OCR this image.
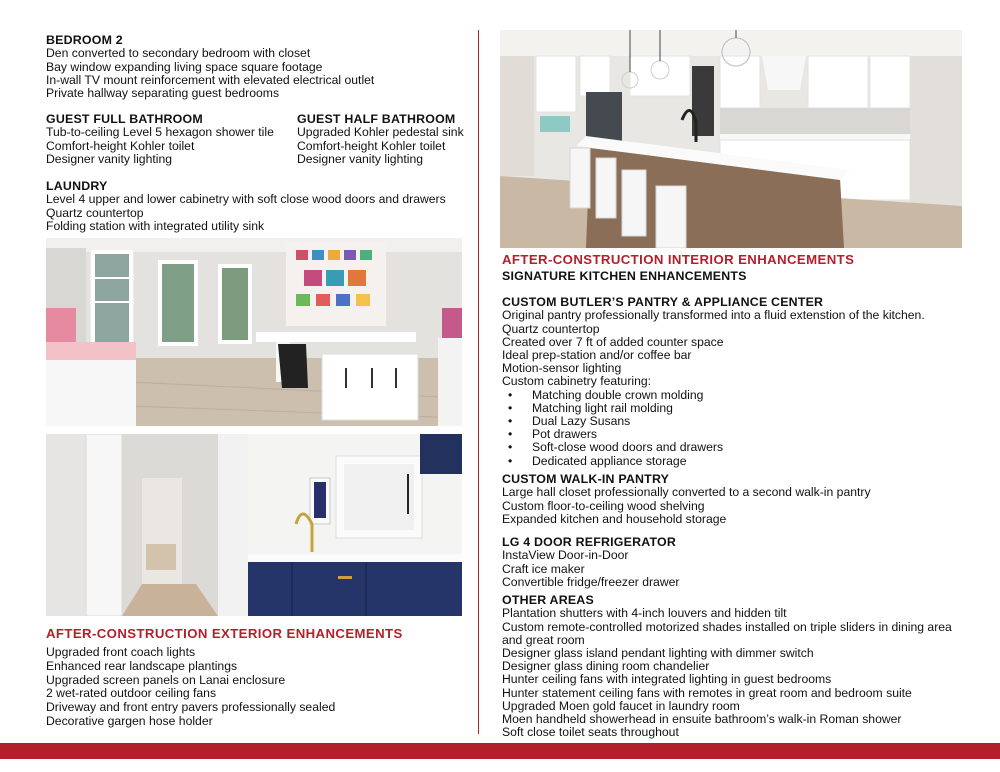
BEDROOM 2
Den converted to secondary bedroom with closet
Bay window expanding living space square footage
In-wall TV mount reinforcement with elevated electrical outlet
Private hallway separating guest bedrooms
GUEST FULL BATHROOM
Tub-to-ceiling Level 5 hexagon shower tile
Comfort-height Kohler toilet
Designer vanity lighting
GUEST HALF BATHROOM
Upgraded Kohler pedestal sink
Comfort-height Kohler toilet
Designer vanity lighting
LAUNDRY
Level 4 upper and lower cabinetry with soft close wood doors and drawers
Quartz countertop
Folding station with integrated utility sink
AFTER-CONSTRUCTION EXTERIOR ENHANCEMENTS
Upgraded front coach lights
Enhanced rear landscape plantings
Upgraded screen panels on Lanai enclosure
2 wet-rated outdoor ceiling fans
Driveway and front entry pavers professionally sealed
Decorative gargen hose holder
AFTER-CONSTRUCTION INTERIOR ENHANCEMENTS
SIGNATURE KITCHEN ENHANCEMENTS
CUSTOM BUTLER’S PANTRY & APPLIANCE CENTER
Original pantry professionally transformed into a fluid extenstion of the kitchen.
Quartz countertop
Created over 7 ft of added counter space
Ideal prep-station and/or coffee bar
Motion-sensor lighting
Custom cabinetry featuring:
• Matching double crown molding
• Matching light rail molding
• Dual Lazy Susans
• Pot drawers
• Soft-close wood doors and drawers
• Dedicated appliance storage
CUSTOM WALK-IN PANTRY
Large hall closet professionally converted to a second walk-in pantry
Custom floor-to-ceiling wood shelving
Expanded kitchen and household storage
LG 4 DOOR REFRIGERATOR
InstaView Door-in-Door
Craft ice maker
Convertible fridge/freezer drawer
OTHER AREAS
Plantation shutters with 4-inch louvers and hidden tilt
Custom remote-controlled motorized shades installed on triple sliders in dining area
and great room
Designer glass island pendant lighting with dimmer switch
Designer glass dining room chandelier
Hunter ceiling fans with integrated lighting in guest bedrooms
Hunter statement ceiling fans with remotes in great room and bedroom suite
Upgraded Moen gold faucet in laundry room
Moen handheld showerhead in ensuite bathroom’s walk-in Roman shower
Soft close toilet seats throughout
